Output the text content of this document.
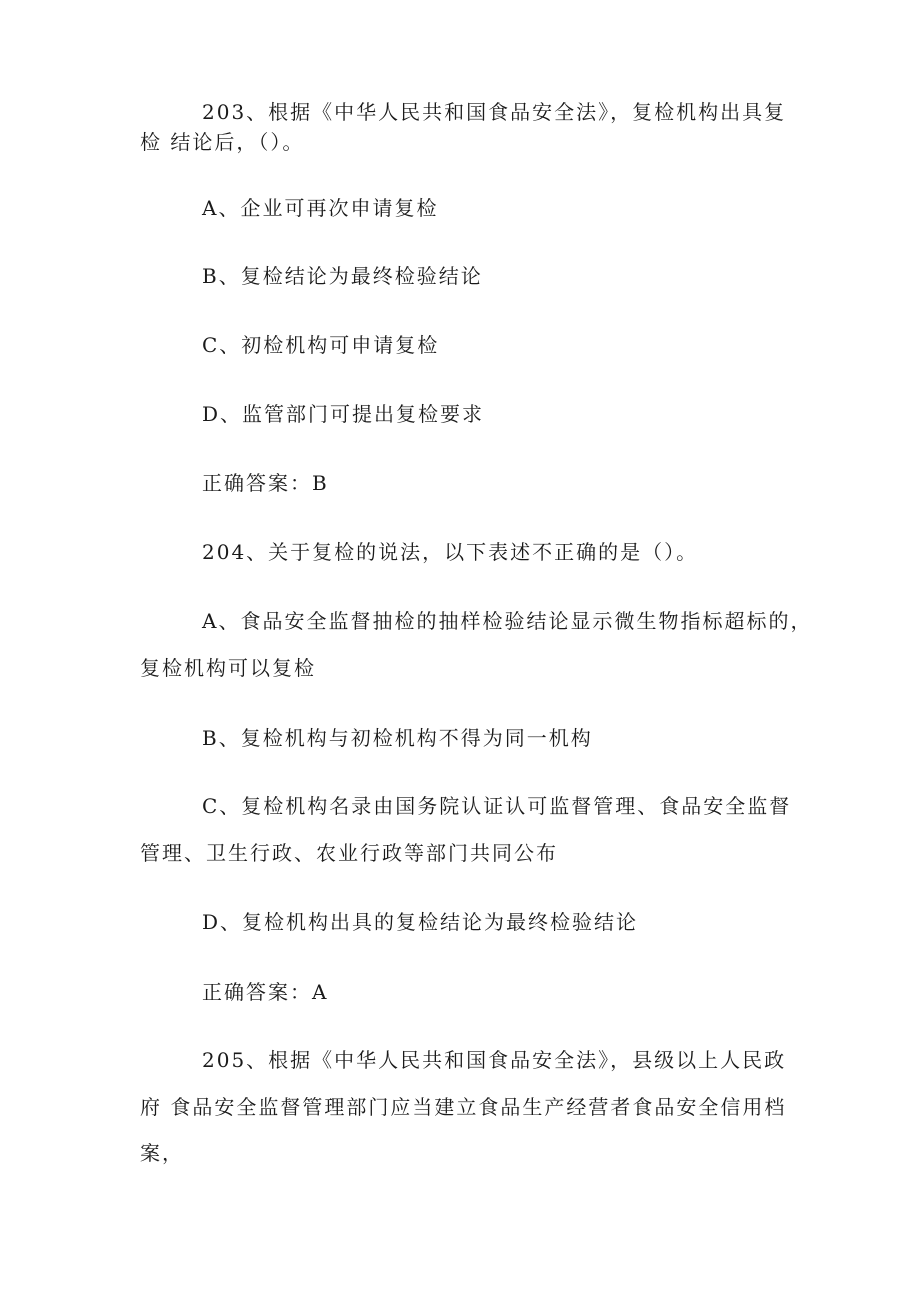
203、根据《中华人民共和国食品安全法》，复检机构出具复
检 结论后，（）。
A、企业可再次申请复检
B、复检结论为最终检验结论
C、初检机构可申请复检
D、监管部门可提出复检要求
正确答案：B
204、关于复检的说法，以下表述不正确的是（）。
A、食品安全监督抽检的抽样检验结论显示微生物指标超标的，
复检机构可以复检
B、复检机构与初检机构不得为同一机构
C、复检机构名录由国务院认证认可监督管理、食品安全监督
管理、卫生行政、农业行政等部门共同公布
D、复检机构出具的复检结论为最终检验结论
正确答案：A
205、根据《中华人民共和国食品安全法》，县级以上人民政
府 食品安全监督管理部门应当建立食品生产经营者食品安全信用档
案，
